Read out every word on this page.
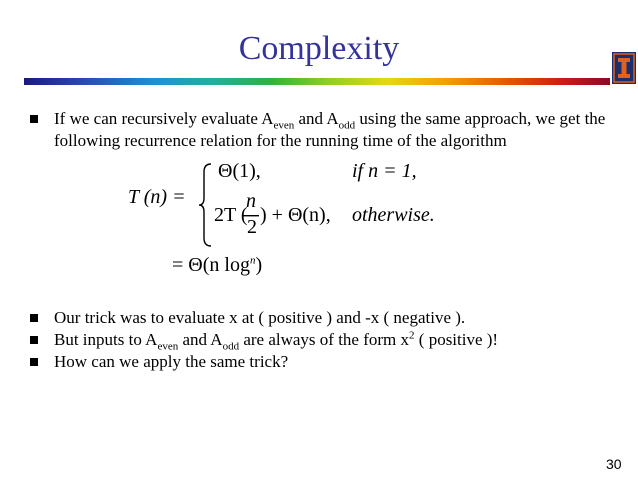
Complexity
If we can recursively evaluate $A_{even}$ and $A_{odd}$ using the same approach, we get the following recurrence relation for the running time of the algorithm
T (n) =
Θ(1),	if n = 1,
n
2
2T ( ) + Θ(n), otherwise.
= Θ(n $\log^n$)
Our trick was to evaluate x at ( positive ) and -x ( negative ).
But inputs to $A_{even}$ and $A_{odd}$ are always of the form $x^2$ ( positive )!
How can we apply the same trick?
30
